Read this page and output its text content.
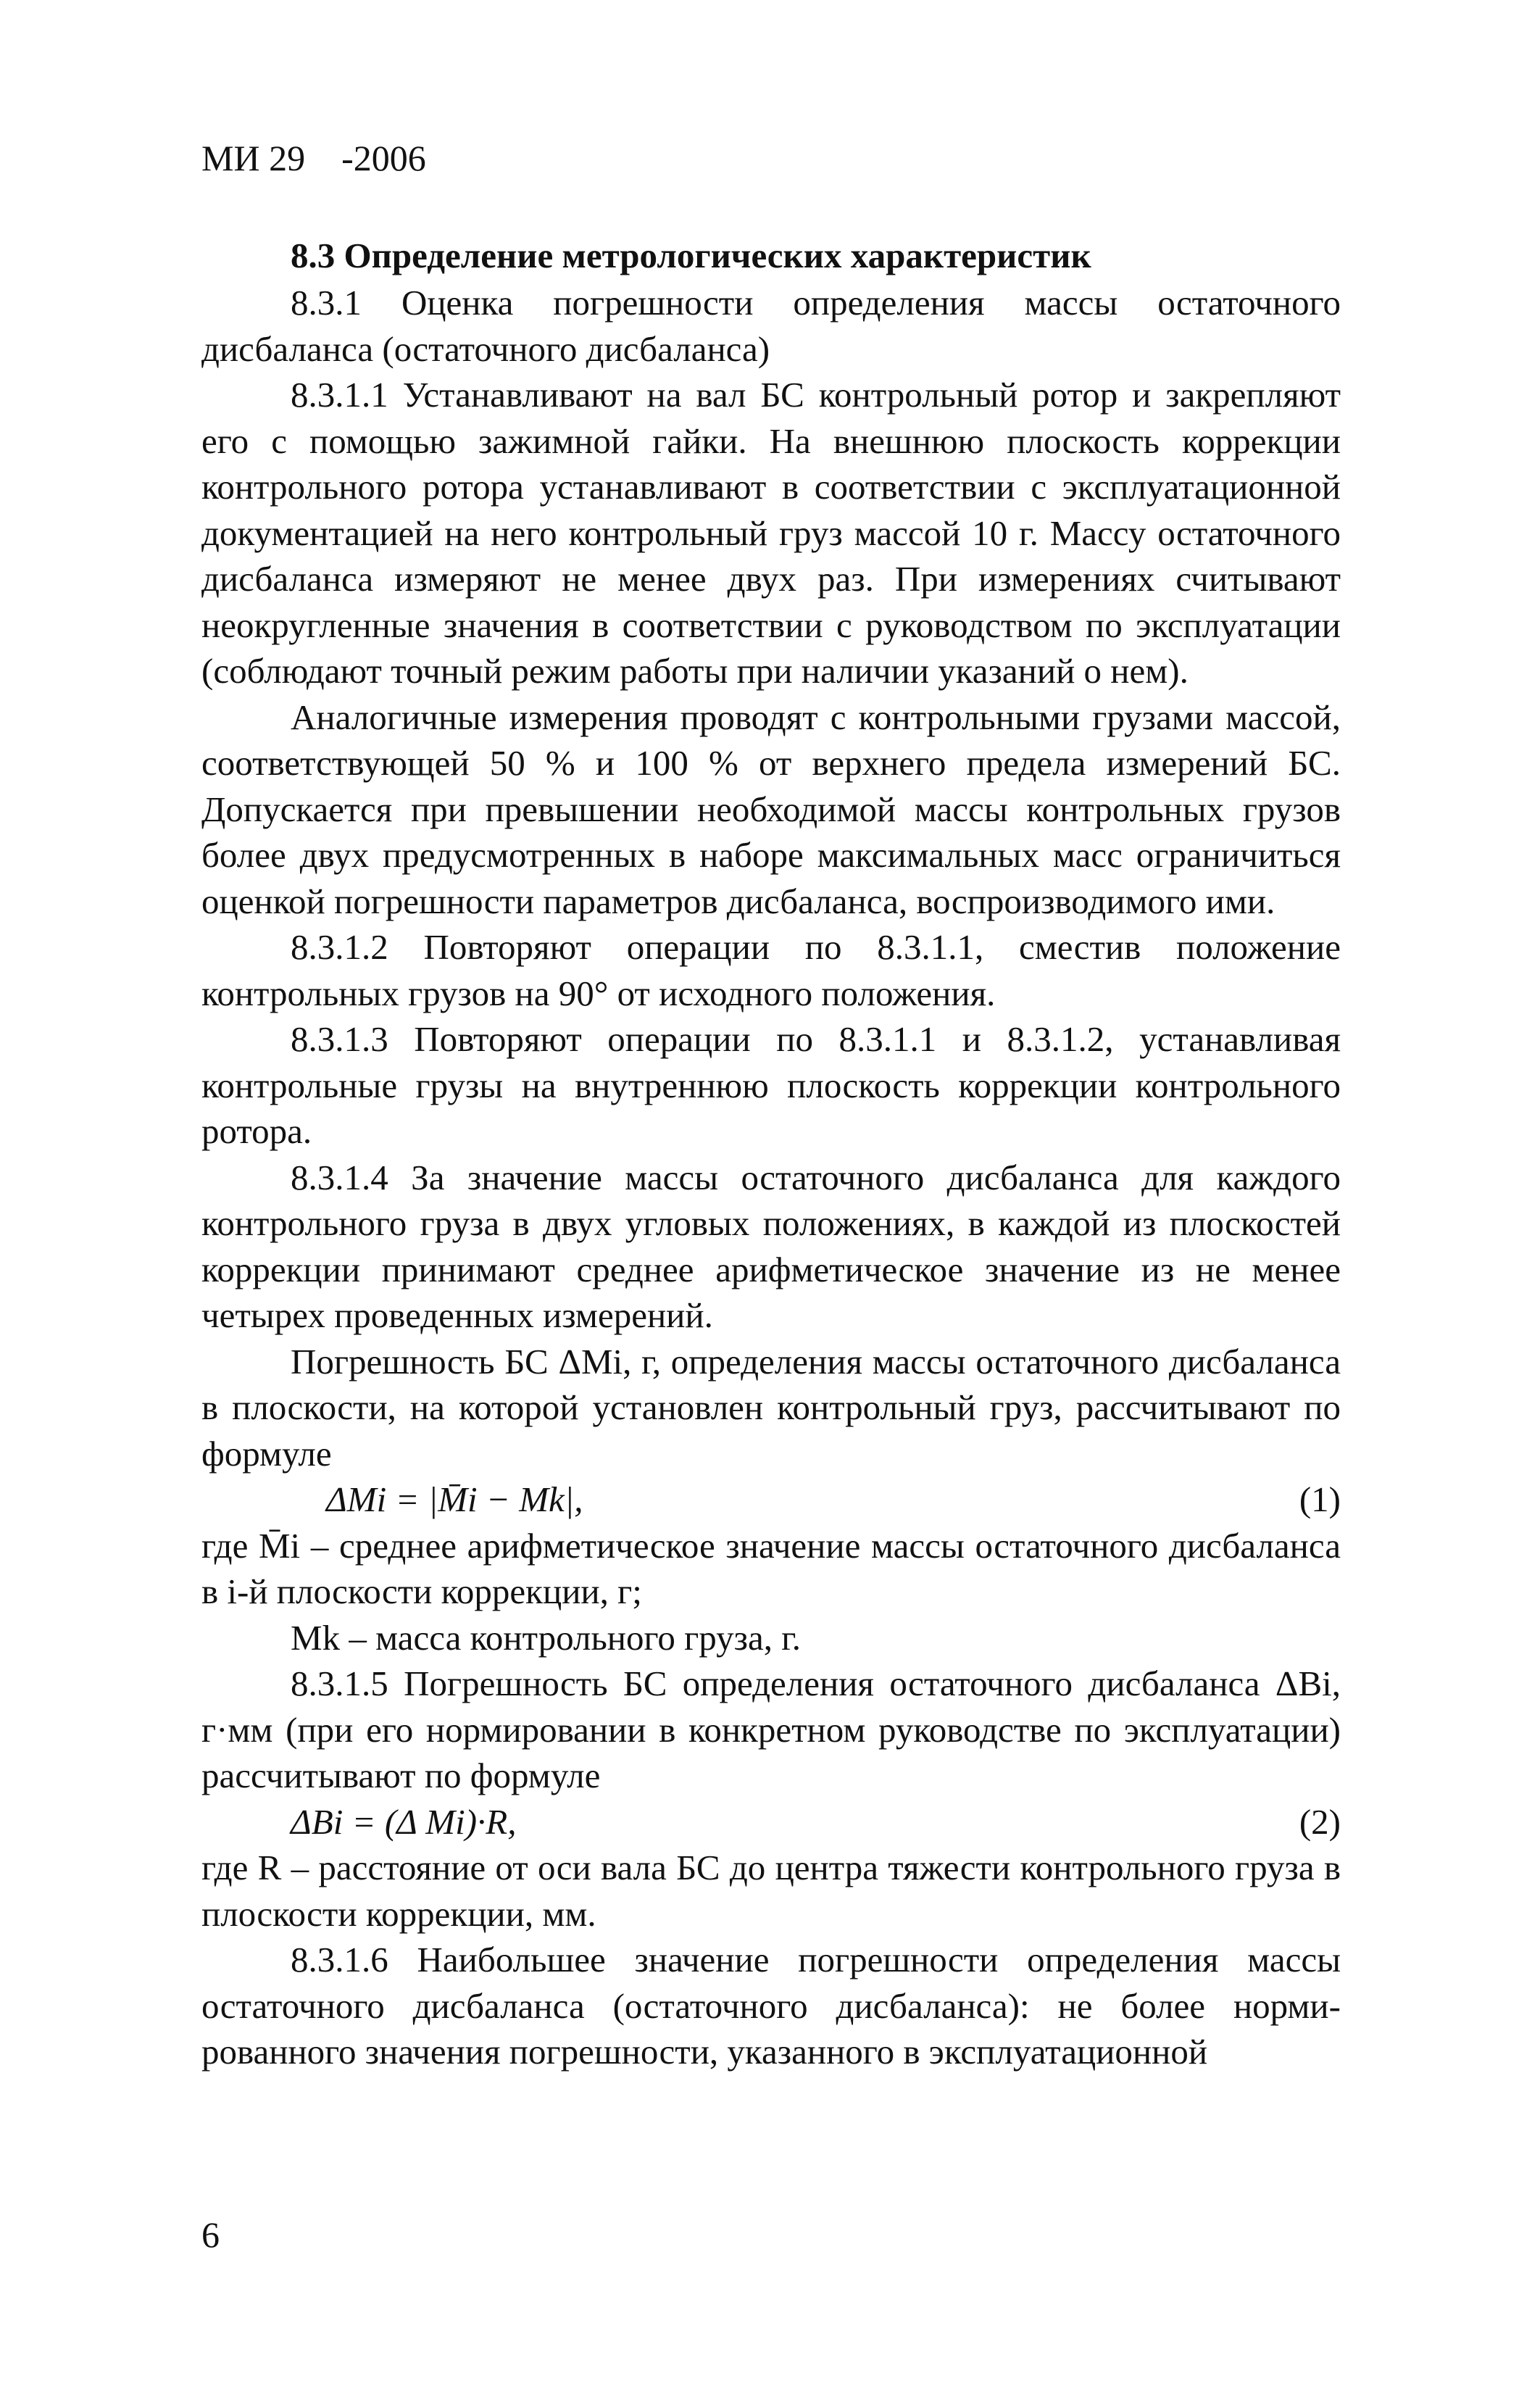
МИ 29    -2006
8.3 Определение метрологических характеристик

8.3.1 Оценка погрешности определения массы остаточного дисбаланса (остаточного дисбаланса)

8.3.1.1 Устанавливают на вал БС контрольный ротор и закрепляют его с помощью зажимной гайки. На внешнюю плоскость коррекции контрольного ротора устанавливают в соответствии с эксплуатационной документацией на него контрольный груз массой 10 г. Массу остаточного дисбаланса измеряют не менее двух раз. При измерениях считывают неокругленные значения в соответствии с руководством по эксплуатации (соблюдают точный режим работы при наличии указаний о нем).

Аналогичные измерения проводят с контрольными грузами массой, соответствующей 50 % и 100 % от верхнего предела измерений БС. Допускается при превышении необходимой массы контрольных грузов более двух предусмотренных в наборе максимальных масс ограничиться оценкой погрешности параметров дисбаланса, воспроизводимого ими.

8.3.1.2 Повторяют операции по 8.3.1.1, сместив положение контрольных грузов на 90° от исходного положения.

8.3.1.3 Повторяют операции по 8.3.1.1 и 8.3.1.2, устанавливая контрольные грузы на внутреннюю плоскость коррекции контрольного ротора.

8.3.1.4 За значение массы остаточного дисбаланса для каждого контрольного груза в двух угловых положениях, в каждой из плоскостей коррекции принимают среднее арифметическое значение из не менее четырех проведенных измерений.

Погрешность БС ΔMi, г, определения массы остаточного дисбаланса в плоскости, на которой установлен контрольный груз, рассчитывают по формуле

ΔMi = |M̄i − Mk|,	(1)

где M̄i – среднее арифметическое значение массы остаточного дисбаланса в i-й плоскости коррекции, г;

Mk – масса контрольного груза, г.

8.3.1.5 Погрешность БС определения остаточного дисбаланса ΔBi, г·мм (при его нормировании в конкретном руководстве по эксплуатации) рассчитывают по формуле

ΔBi = (Δ Mi)·R,	(2)

где R – расстояние от оси вала БС до центра тяжести контрольного груза в плоскости коррекции, мм.

8.3.1.6 Наибольшее значение погрешности определения массы остаточного дисбаланса (остаточного дисбаланса): не более нормированного значения погрешности, указанного в эксплуатационной

6
